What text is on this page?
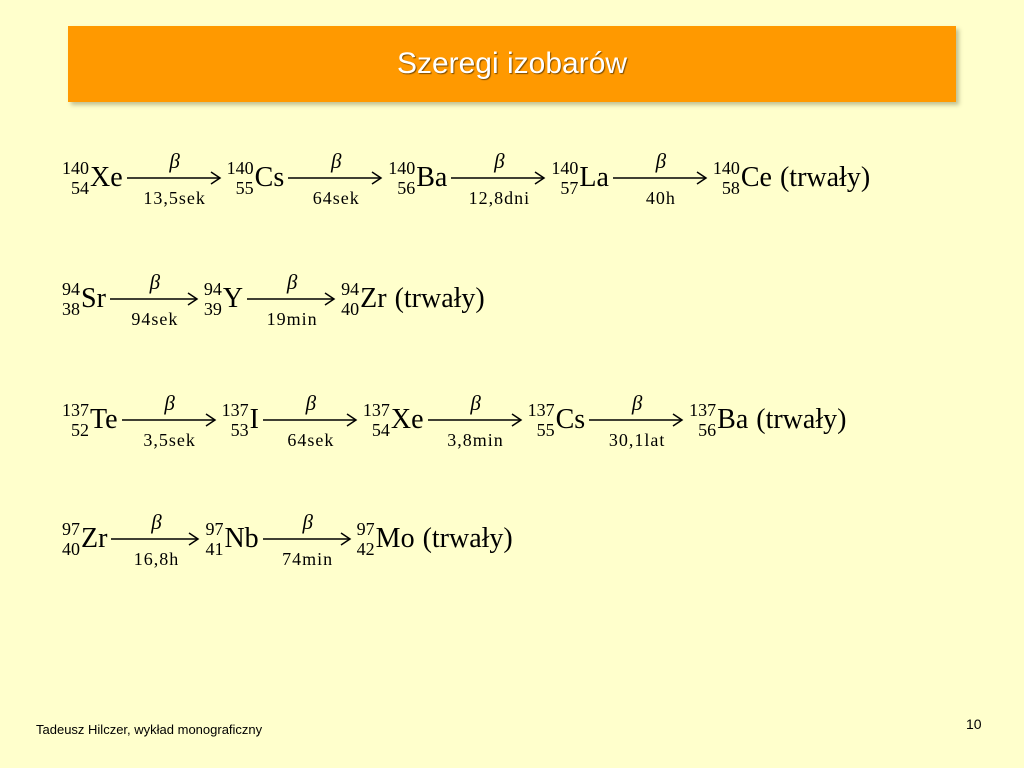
Szeregi izobarów
140
54 Xe
β
13,5sek
140
55 Cs
β
64sek
140
56 Ba
β
12,8dni
140
57 La
β
40h
140
58 Ce (trwały)
94
38 Sr
β
94sek
94
39 Y
β
19min
94
40 Zr (trwały)
137
52 Te
β
3,5sek
137
53 I
β
64sek
137
54 Xe
β
3,8min
137
55 Cs
β
30,1lat
137
56 Ba (trwały)
97
40 Zr
β
16,8h
97
41 Nb
β
74min
97
42 Mo (trwały)
Tadeusz Hilczer, wykład monograficzny	10
